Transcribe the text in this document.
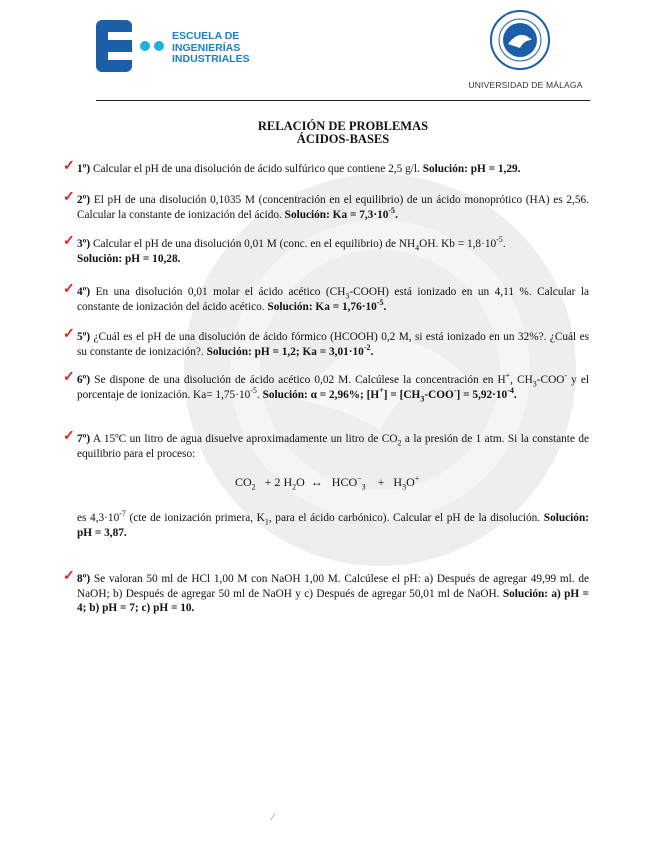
ESCUELA DE
INGENIERÍAS
INDUSTRIALES
UNIVERSIDAD DE MÁLAGA
RELACIÓN DE PROBLEMAS
ÁCIDOS-BASES
✓ 1º) Calcular el pH de una disolución de ácido sulfúrico que contiene 2,5 g/l. Solución: pH = 1,29.
✓ 2º) El pH de una disolución 0,1035 M (concentración en el equilibrio) de un ácido monoprótico (HA) es 2,56. Calcular la constante de ionización del ácido. Solución: $Ka = 7,3\cdot 10^{-5}$.
✓ 3º) Calcular el pH de una disolución 0,01 M (conc. en el equilibrio) de $NH_4OH$. $Kb = 1,8\cdot 10^{-5}$.
Solución: pH = 10,28.
✓ 4º) En una disolución 0,01 molar el ácido acético $(CH_3-COOH)$ está ionizado en un 4,11 %. Calcular la constante de ionización del ácido acético. Solución: $Ka = 1,76\cdot 10^{-5}$.
✓ 5º) ¿Cuál es el pH de una disolución de ácido fórmico (HCOOH) 0,2 M, si está ionizado en un 32%?. ¿Cuál es su constante de ionización?. Solución: pH = 1,2; $Ka = 3,01\cdot 10^{-2}$.
✓ 6º) Se dispone de una disolución de ácido acético 0,02 M. Calcúlese la concentración en H+, $CH_3-COO^-$ y el porcentaje de ionización. $Ka= 1,75\cdot 10^{-5}$. Solución: α = 2,96%; $[H^+] = [CH_3-COO^-] = 5,92\cdot 10^{-4}$.
✓ 7º) A 15ºC un litro de agua disuelve aproximadamente un litro de $CO_2$ a la presión de 1 atm. Si la constante de equilibrio para el proceso:
$CO_2 + 2$ $H_2O$ ↔ $HCO^-_3 + H_3O^+$
es $4,3\cdot 10^{-7}$ (cte de ionización primera, $K_1$, para el ácido carbónico). Calcular el pH de la disolución. Solución: pH = 3,87.
✓ 8º) Se valoran 50 ml de HCl 1,00 M con NaOH 1,00 M. Calcúlese el pH: a) Después de agregar 49,99 ml. de NaOH; b) Después de agregar 50 ml de NaOH y c) Después de agregar 50,01 ml de NaOH. Solución: a) pH = 4; b) pH = 7; c) pH = 10.
⁄
